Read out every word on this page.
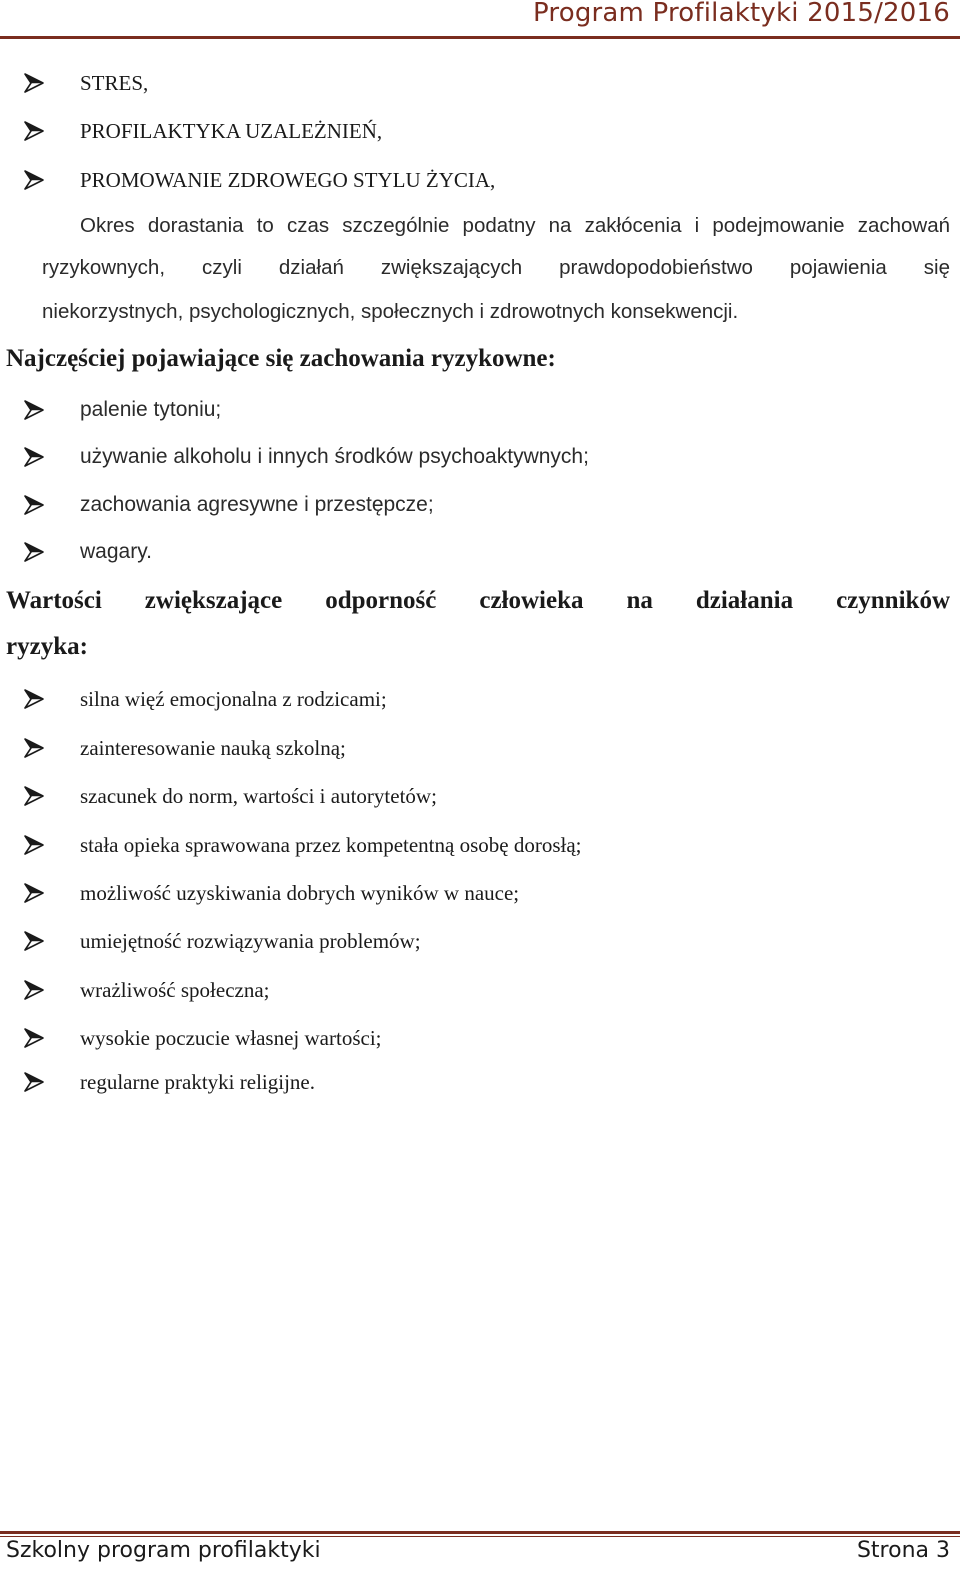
Program Profilaktyki 2015/2016
STRES,
PROFILAKTYKA UZALEŻNIEŃ,
PROMOWANIE ZDROWEGO STYLU ŻYCIA,
Okres dorastania to czas szczególnie podatny na zakłócenia i podejmowanie zachowań
ryzykownych, czyli działań zwiększających prawdopodobieństwo pojawienia się
niekorzystnych, psychologicznych, społecznych i zdrowotnych konsekwencji.
Najczęściej pojawiające się zachowania ryzykowne:
palenie tytoniu;
używanie alkoholu i innych środków psychoaktywnych;
zachowania agresywne i przestępcze;
wagary.
Wartości zwiększające odporność człowieka na działania czynników
ryzyka:
silna więź emocjonalna z rodzicami;
zainteresowanie nauką szkolną;
szacunek do norm, wartości i autorytetów;
stała opieka sprawowana przez kompetentną osobę dorosłą;
możliwość uzyskiwania dobrych wyników w nauce;
umiejętność rozwiązywania problemów;
wrażliwość społeczna;
wysokie poczucie własnej wartości;
regularne praktyki religijne.
Szkolny program profilaktyki	Strona 3
